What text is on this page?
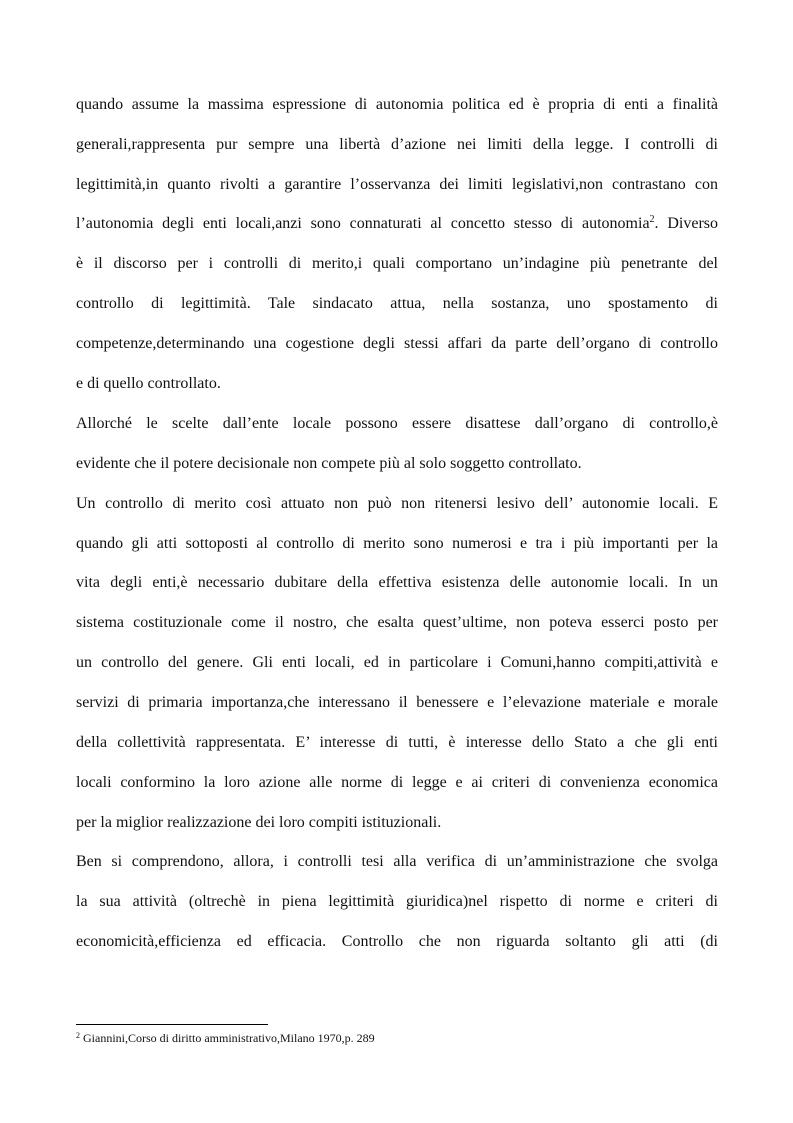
quando assume la massima espressione di autonomia politica ed è propria di enti a finalità

generali,rappresenta pur sempre una libertà d’azione nei limiti della legge. I controlli di

legittimità,in quanto rivolti a garantire l’osservanza dei limiti legislativi,non contrastano con

l’autonomia degli enti locali,anzi sono connaturati al concetto stesso di autonomia$^2$. Diverso

è il discorso per i controlli di merito,i quali comportano un’indagine più penetrante del

controllo di legittimità. Tale sindacato attua, nella sostanza, uno spostamento di

competenze,determinando una cogestione degli stessi affari da parte dell’organo di controllo

e di quello controllato.

Allorché le scelte dall’ente locale possono essere disattese dall’organo di controllo,è

evidente che il potere decisionale non compete più al solo soggetto controllato.

Un controllo di merito così attuato non può non ritenersi lesivo dell’ autonomie locali. E

quando gli atti sottoposti al controllo di merito sono numerosi e tra i più importanti per la

vita degli enti,è necessario dubitare della effettiva esistenza delle autonomie locali. In un

sistema costituzionale come il nostro, che esalta quest’ultime, non poteva esserci posto per

un controllo del genere. Gli enti locali, ed in particolare i Comuni,hanno compiti,attività e

servizi di primaria importanza,che interessano il benessere e l’elevazione materiale e morale

della collettività rappresentata. E’ interesse di tutti, è interesse dello Stato a che gli enti

locali conformino la loro azione alle norme di legge e ai criteri di convenienza economica

per la miglior realizzazione dei loro compiti istituzionali.

Ben si comprendono, allora, i controlli tesi alla verifica di un’amministrazione che svolga

la sua attività (oltrechè in piena legittimità giuridica)nel rispetto di norme e criteri di

economicità,efficienza ed efficacia. Controllo che non riguarda soltanto gli atti (di

$^2$ Giannini,Corso di diritto amministrativo,Milano 1970,p. 289
